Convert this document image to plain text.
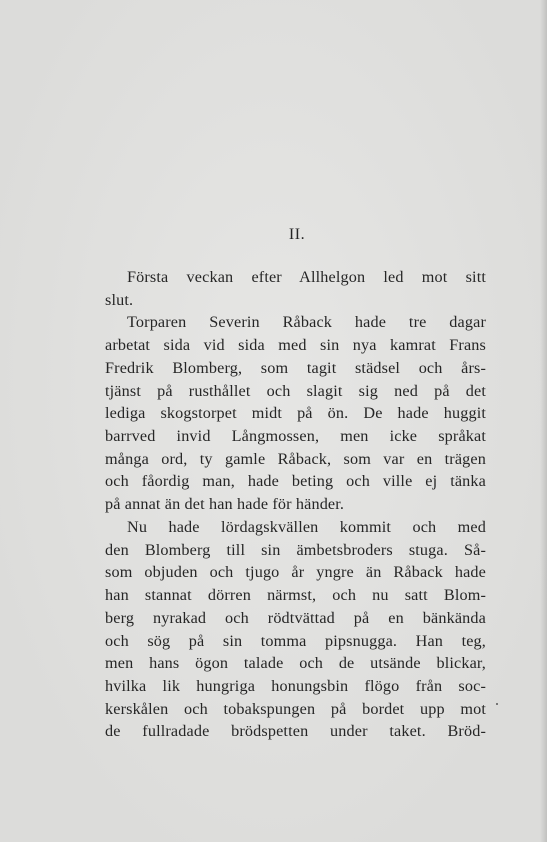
II.
Första veckan efter Allhelgon led mot sitt
slut.
Torparen Severin Råback hade tre dagar
arbetat sida vid sida med sin nya kamrat Frans
Fredrik Blomberg, som tagit städsel och års-
tjänst på rusthållet och slagit sig ned på det
lediga skogstorpet midt på ön. De hade huggit
barrved invid Långmossen, men icke språkat
många ord, ty gamle Råback, som var en trägen
och fåordig man, hade beting och ville ej tänka
på annat än det han hade för händer.
Nu hade lördagskvällen kommit och med
den Blomberg till sin ämbetsbroders stuga. Så-
som objuden och tjugo år yngre än Råback hade
han stannat dörren närmst, och nu satt Blom-
berg nyrakad och rödtvättad på en bänkända
och sög på sin tomma pipsnugga. Han teg,
men hans ögon talade och de utsände blickar,
hvilka lik hungriga honungsbin flögo från soc-
kerskålen och tobakspungen på bordet upp mot
de fullradade brödspetten under taket. Bröd-
